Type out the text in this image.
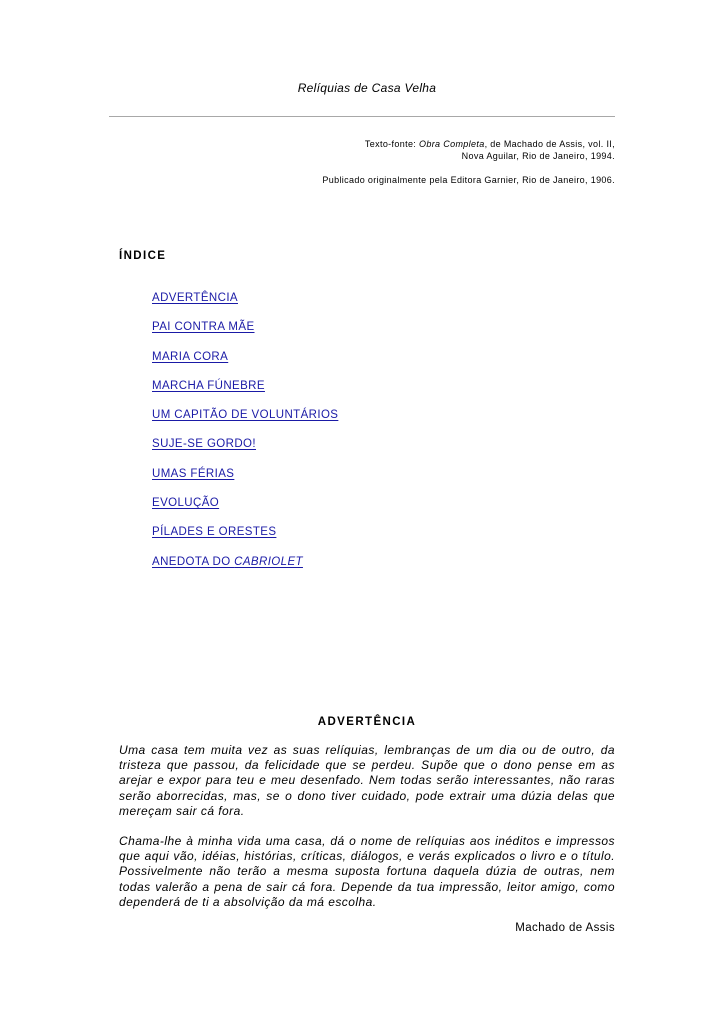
Relíquias de Casa Velha

Texto-fonte: Obra Completa, de Machado de Assis, vol. II,
Nova Aguilar, Rio de Janeiro, 1994.

Publicado originalmente pela Editora Garnier, Rio de Janeiro, 1906.

ÍNDICE
ADVERTÊNCIA
PAI CONTRA MÃE
MARIA CORA
MARCHA FÚNEBRE
UM CAPITÃO DE VOLUNTÁRIOS
SUJE-SE GORDO!
UMAS FÉRIAS
EVOLUÇÃO
PÍLADES E ORESTES
ANEDOTA DO CABRIOLET
ADVERTÊNCIA

Uma casa tem muita vez as suas relíquias, lembranças de um dia ou de outro, da tristeza que passou, da felicidade que se perdeu. Supõe que o dono pense em as arejar e expor para teu e meu desenfado. Nem todas serão interessantes, não raras serão aborrecidas, mas, se o dono tiver cuidado, pode extrair uma dúzia delas que mereçam sair cá fora.

Chama-lhe à minha vida uma casa, dá o nome de relíquias aos inéditos e impressos que aqui vão, idéias, histórias, críticas, diálogos, e verás explicados o livro e o título. Possivelmente não terão a mesma suposta fortuna daquela dúzia de outras, nem todas valerão a pena de sair cá fora. Depende da tua impressão, leitor amigo, como dependerá de ti a absolvição da má escolha.

Machado de Assis
